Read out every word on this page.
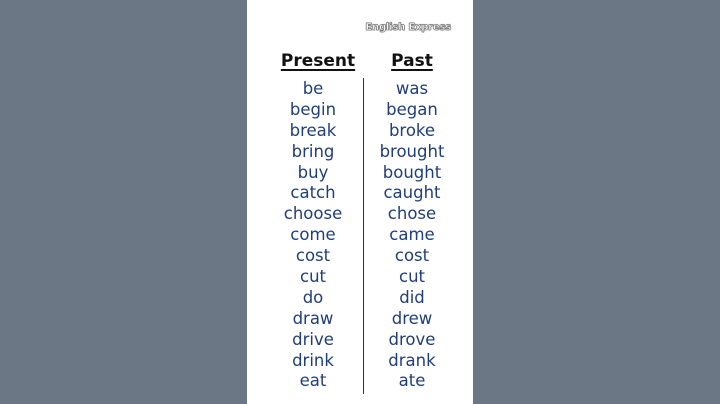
English Express
Present Past
be
begin
break
bring
buy
catch
choose
come
cost
cut
do
draw
drive
drink
eat
was
began
broke
brought
bought
caught
chose
came
cost
cut
did
drew
drove
drank
ate
